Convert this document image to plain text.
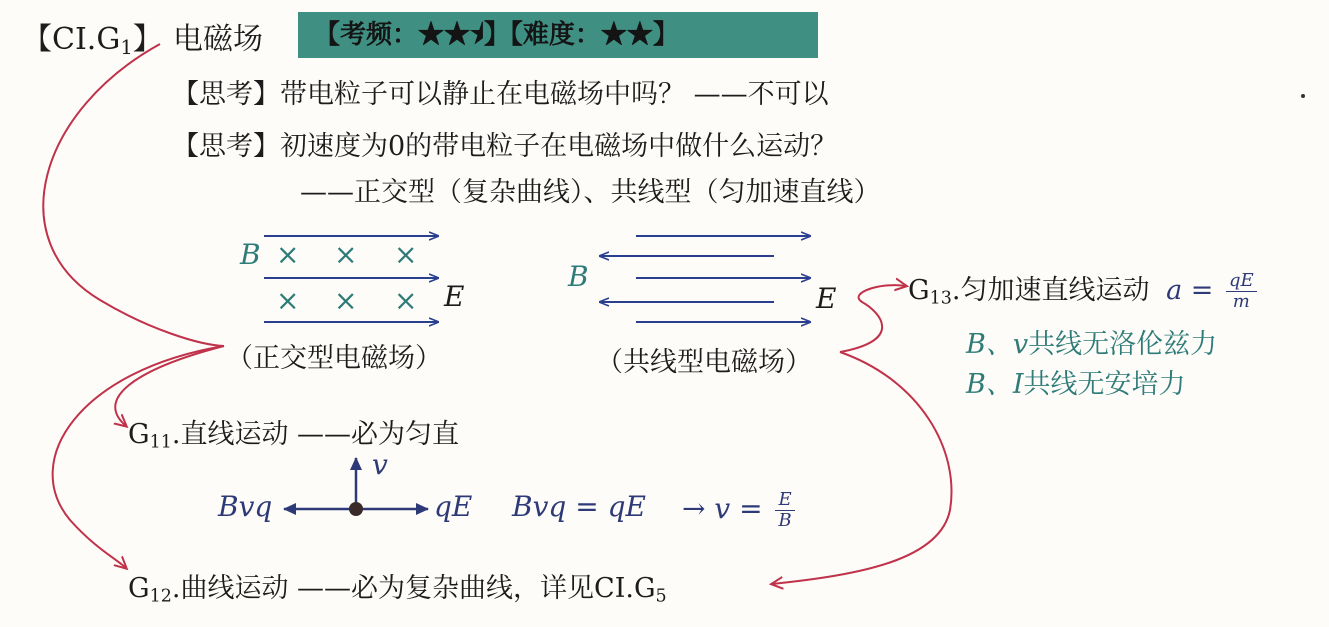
【$CI.G_1$】 电磁场	【考频：★★⯨】【难度：★★】
【思考】带电粒子可以静止在电磁场中吗？ ——不可以
【思考】初速度为0的带电粒子在电磁场中做什么运动？
——正交型（复杂曲线）、共线型（匀加速直线）
B × × ×
× × × E
（正交型电磁场）
B
E
（共线型电磁场）
$G_{13}$.匀加速直线运动 $a = \frac{qE}{m}$
B、v共线无洛伦兹力
B、I共线无安培力
$G_{11}$.直线运动 ——必为匀直
Bvq
v
qE Bvq = qE → $v = \frac{E}{B}$
$G_{12}$.曲线运动 ——必为复杂曲线，详见$CI.G_5$
